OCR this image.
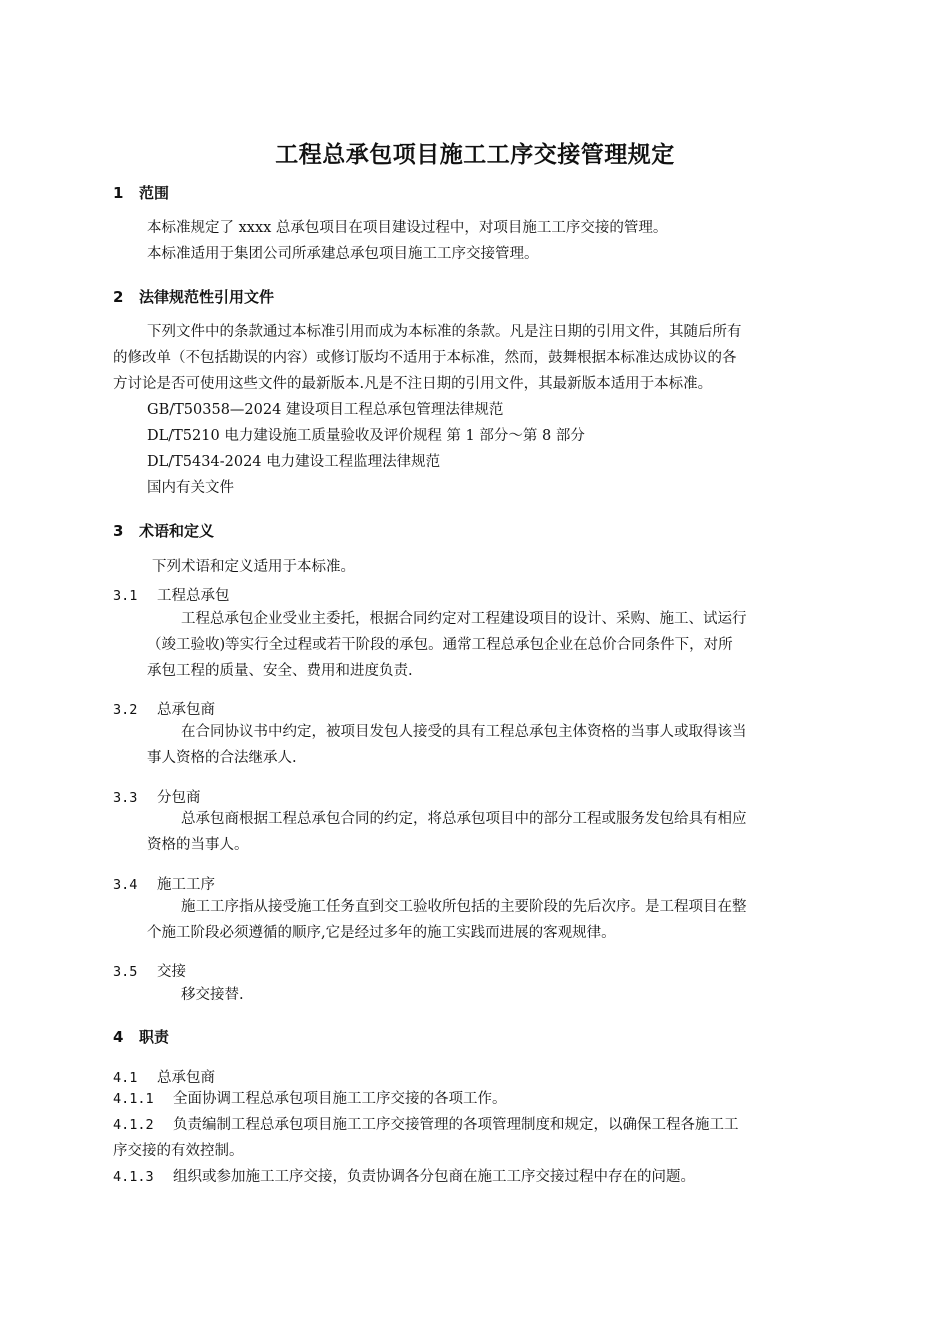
工程总承包项目施工工序交接管理规定
1 范围
本标准规定了 xxxx 总承包项目在项目建设过程中，对项目施工工序交接的管理。
本标准适用于集团公司所承建总承包项目施工工序交接管理。
2 法律规范性引用文件
下列文件中的条款通过本标准引用而成为本标准的条款。凡是注日期的引用文件，其随后所有
的修改单（不包括勘误的内容）或修订版均不适用于本标准，然而，鼓舞根据本标准达成协议的各
方讨论是否可使用这些文件的最新版本.凡是不注日期的引用文件，其最新版本适用于本标准。
GB/T50358—2024 建设项目工程总承包管理法律规范
DL/T5210 电力建设施工质量验收及评价规程 第 1 部分～第 8 部分
DL/T5434-2024 电力建设工程监理法律规范
国内有关文件
3 术语和定义
下列术语和定义适用于本标准。
3.1 工程总承包
工程总承包企业受业主委托，根据合同约定对工程建设项目的设计、采购、施工、试运行
（竣工验收)等实行全过程或若干阶段的承包。通常工程总承包企业在总价合同条件下，对所
承包工程的质量、安全、费用和进度负责.
3.2 总承包商
在合同协议书中约定，被项目发包人接受的具有工程总承包主体资格的当事人或取得该当
事人资格的合法继承人.
3.3 分包商
总承包商根据工程总承包合同的约定，将总承包项目中的部分工程或服务发包给具有相应
资格的当事人。
3.4 施工工序
施工工序指从接受施工任务直到交工验收所包括的主要阶段的先后次序。是工程项目在整
个施工阶段必须遵循的顺序,它是经过多年的施工实践而进展的客观规律。
3.5 交接
移交接替.
4 职责
4.1 总承包商
4.1.1 全面协调工程总承包项目施工工序交接的各项工作。
4.1.2 负责编制工程总承包项目施工工序交接管理的各项管理制度和规定，以确保工程各施工工
序交接的有效控制。
4.1.3 组织或参加施工工序交接，负责协调各分包商在施工工序交接过程中存在的问题。
